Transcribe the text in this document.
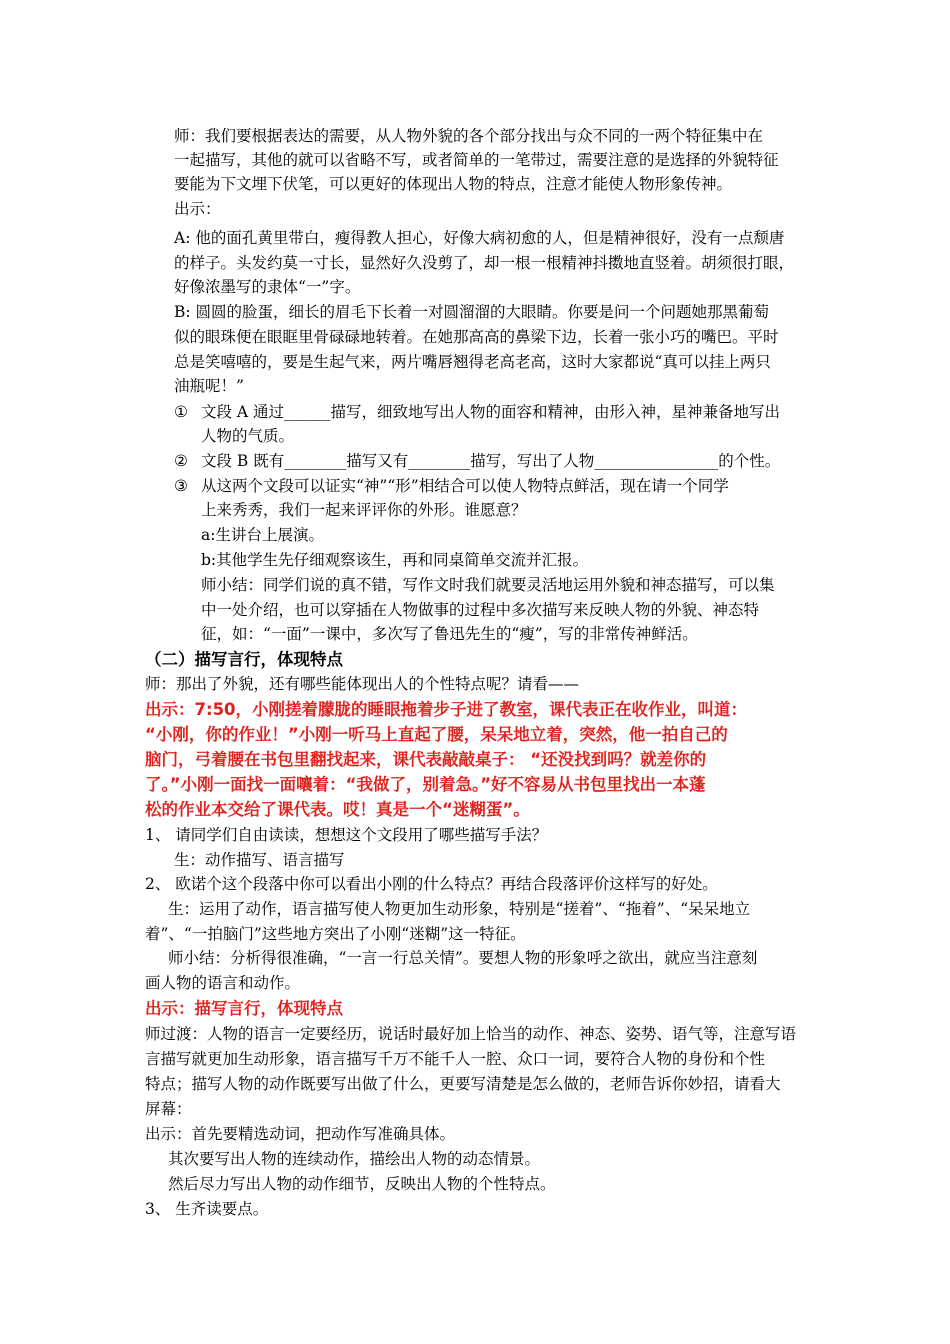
师：我们要根据表达的需要，从人物外貌的各个部分找出与众不同的一两个特征集中在
一起描写，其他的就可以省略不写，或者简单的一笔带过，需要注意的是选择的外貌特征
要能为下文埋下伏笔，可以更好的体现出人物的特点，注意才能使人物形象传神。
出示：
A: 他的面孔黄里带白，瘦得教人担心，好像大病初愈的人，但是精神很好，没有一点颓唐
的样子。头发约莫一寸长，显然好久没剪了，却一根一根精神抖擞地直竖着。胡须很打眼，
好像浓墨写的隶体“一”字。
B: 圆圆的脸蛋，细长的眉毛下长着一对圆溜溜的大眼睛。你要是问一个问题她那黑葡萄
似的眼珠便在眼眶里骨碌碌地转着。在她那高高的鼻梁下边，长着一张小巧的嘴巴。平时
总是笑嘻嘻的，要是生起气来，两片嘴唇翘得老高老高，这时大家都说“真可以挂上两只
油瓶呢！”
① 文段 A 通过______描写，细致地写出人物的面容和精神，由形入神，星神兼备地写出
人物的气质。
② 文段 B 既有________描写又有________描写，写出了人物________________的个性。
③ 从这两个文段可以证实“神”“形”相结合可以使人物特点鲜活，现在请一个同学
上来秀秀，我们一起来评评你的外形。谁愿意？
a:生讲台上展演。
b:其他学生先仔细观察该生，再和同桌简单交流并汇报。
师小结：同学们说的真不错，写作文时我们就要灵活地运用外貌和神态描写，可以集
中一处介绍，也可以穿插在人物做事的过程中多次描写来反映人物的外貌、神态特
征，如：“一面”一课中，多次写了鲁迅先生的“瘦”，写的非常传神鲜活。
（二）描写言行，体现特点
师：那出了外貌，还有哪些能体现出人的个性特点呢？请看——
出示：7:50，小刚搓着朦胧的睡眼拖着步子进了教室，课代表正在收作业，叫道：
“小刚，你的作业！”小刚一听马上直起了腰，呆呆地立着，突然，他一拍自己的
脑门，弓着腰在书包里翻找起来，课代表敲敲桌子： “还没找到吗？就差你的
了。”小刚一面找一面嚷着：“我做了，别着急。”好不容易从书包里找出一本蓬
松的作业本交给了课代表。哎！真是一个“迷糊蛋”。
1、 请同学们自由读读，想想这个文段用了哪些描写手法？
生：动作描写、语言描写
2、 欧诺个这个段落中你可以看出小刚的什么特点？再结合段落评价这样写的好处。
生：运用了动作，语言描写使人物更加生动形象，特别是“搓着”、“拖着”、“呆呆地立
着”、“一拍脑门”这些地方突出了小刚“迷糊”这一特征。
师小结：分析得很准确，“一言一行总关情”。要想人物的形象呼之欲出，就应当注意刻
画人物的语言和动作。
出示：描写言行，体现特点
师过渡：人物的语言一定要经历，说话时最好加上恰当的动作、神态、姿势、语气等，注意写语
言描写就更加生动形象，语言描写千万不能千人一腔、众口一词，要符合人物的身份和个性
特点；描写人物的动作既要写出做了什么，更要写清楚是怎么做的，老师告诉你妙招，请看大
屏幕：
出示：首先要精选动词，把动作写准确具体。
其次要写出人物的连续动作，描绘出人物的动态情景。
然后尽力写出人物的动作细节，反映出人物的个性特点。
3、 生齐读要点。
